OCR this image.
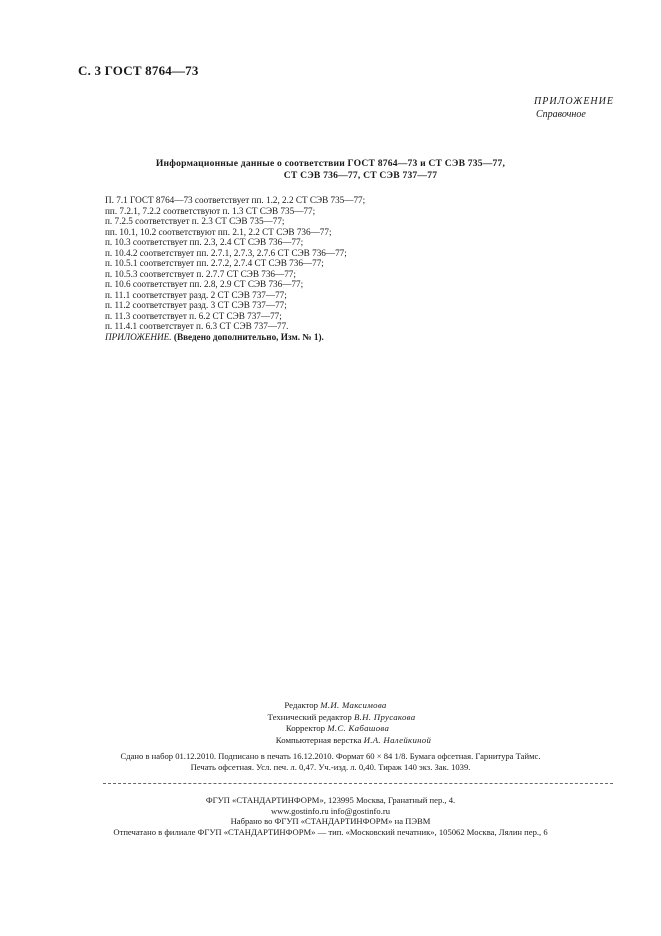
С. 3 ГОСТ 8764—73
ПРИЛОЖЕНИЕ
Справочное
Информационные данные о соответствии ГОСТ 8764—73 и СТ СЭВ 735—77,
СТ СЭВ 736—77, СТ СЭВ 737—77
П. 7.1 ГОСТ 8764—73 соответствует пп. 1.2, 2.2 СТ СЭВ 735—77;
пп. 7.2.1, 7.2.2 соответствуют п. 1.3 СТ СЭВ 735—77;
п. 7.2.5 соответствует п. 2.3 СТ СЭВ 735—77;
пп. 10.1, 10.2 соответствуют пп. 2.1, 2.2 СТ СЭВ 736—77;
п. 10.3 соответствует пп. 2.3, 2.4 СТ СЭВ 736—77;
п. 10.4.2 соответствует пп. 2.7.1, 2.7.3, 2.7.6 СТ СЭВ 736—77;
п. 10.5.1 соответствует пп. 2.7.2, 2.7.4 СТ СЭВ 736—77;
п. 10.5.3 соответствует п. 2.7.7 СТ СЭВ 736—77;
п. 10.6 соответствует пп. 2.8, 2.9 СТ СЭВ 736—77;
п. 11.1 соответствует разд. 2 СТ СЭВ 737—77;
п. 11.2 соответствует разд. 3 СТ СЭВ 737—77;
п. 11.3 соответствует п. 6.2 СТ СЭВ 737—77;
п. 11.4.1 соответствует п. 6.3 СТ СЭВ 737—77.
ПРИЛОЖЕНИЕ. (Введено дополнительно, Изм. № 1).
Редактор М.И. Максимова
Технический редактор В.Н. Прусакова
Корректор М.С. Кабашова
Компьютерная верстка И.А. Налейкиной
Сдано в набор 01.12.2010. Подписано в печать 16.12.2010. Формат 60 × 84 1/8. Бумага офсетная. Гарнитура Таймс.
Печать офсетная. Усл. печ. л. 0,47. Уч.-изд. л. 0,40. Тираж 140 экз. Зак. 1039.
ФГУП «СТАНДАРТИНФОРМ», 123995 Москва, Гранатный пер., 4.
www.gostinfo.ru info@gostinfo.ru
Набрано во ФГУП «СТАНДАРТИНФОРМ» на ПЭВМ
Отпечатано в филиале ФГУП «СТАНДАРТИНФОРМ» — тип. «Московский печатник», 105062 Москва, Лялин пер., 6
